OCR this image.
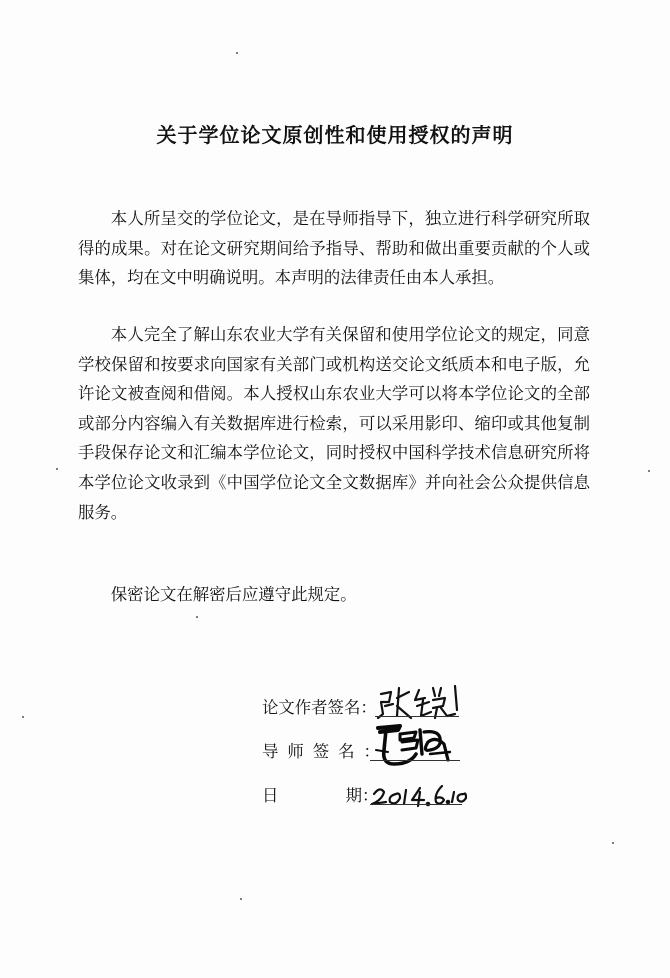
关于学位论文原创性和使用授权的声明

本人所呈交的学位论文，是在导师指导下，独立进行科学研究所取得的成果。对在论文研究期间给予指导、帮助和做出重要贡献的个人或集体，均在文中明确说明。本声明的法律责任由本人承担。

本人完全了解山东农业大学有关保留和使用学位论文的规定，同意学校保留和按要求向国家有关部门或机构送交论文纸质本和电子版，允许论文被查阅和借阅。本人授权山东农业大学可以将本学位论文的全部或部分内容编入有关数据库进行检索，可以采用影印、缩印或其他复制手段保存论文和汇编本学位论文，同时授权中国科学技术信息研究所将本学位论文收录到《中国学位论文全文数据库》并向社会公众提供信息服务。

保密论文在解密后应遵守此规定。

论文作者签名：
导师签名：
日	期：
